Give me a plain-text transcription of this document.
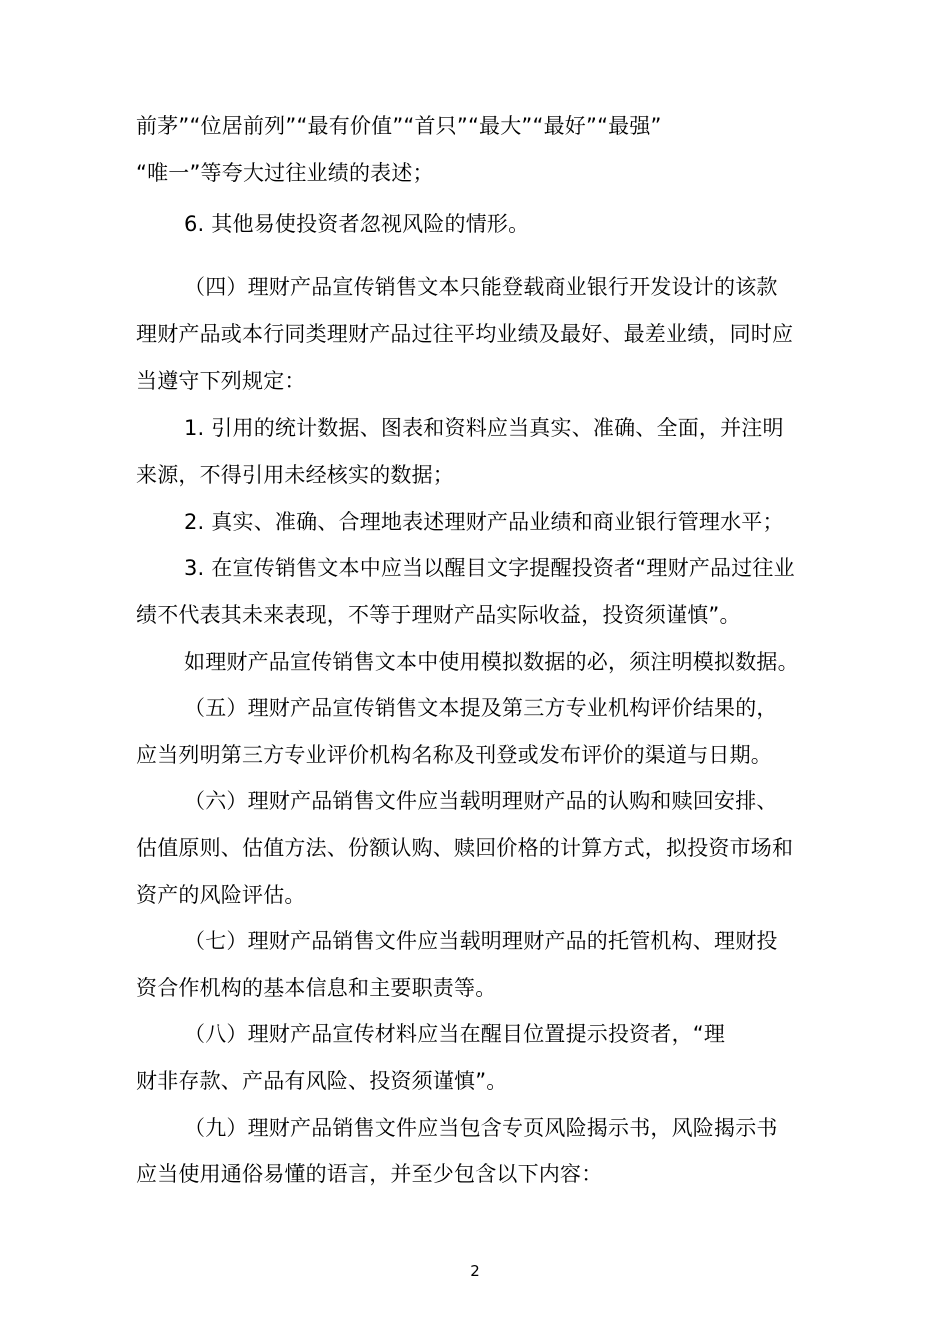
前茅”“位居前列”“最有价值”“首只”“最大”“最好”“最强”
“唯一”等夸大过往业绩的表述；
6. 其他易使投资者忽视风险的情形。
（四）理财产品宣传销售文本只能登载商业银行开发设计的该款
理财产品或本行同类理财产品过往平均业绩及最好、最差业绩，同时应
当遵守下列规定：
1. 引用的统计数据、图表和资料应当真实、准确、全面，并注明
来源，不得引用未经核实的数据；
2. 真实、准确、合理地表述理财产品业绩和商业银行管理水平；
3. 在宣传销售文本中应当以醒目文字提醒投资者“理财产品过往业
绩不代表其未来表现，不等于理财产品实际收益，投资须谨慎”。
如理财产品宣传销售文本中使用模拟数据的必，须注明模拟数据。
（五）理财产品宣传销售文本提及第三方专业机构评价结果的，
应当列明第三方专业评价机构名称及刊登或发布评价的渠道与日期。
（六）理财产品销售文件应当载明理财产品的认购和赎回安排、
估值原则、估值方法、份额认购、赎回价格的计算方式，拟投资市场和
资产的风险评估。
（七）理财产品销售文件应当载明理财产品的托管机构、理财投
资合作机构的基本信息和主要职责等。
（八）理财产品宣传材料应当在醒目位置提示投资者，“理
财非存款、产品有风险、投资须谨慎”。
（九）理财产品销售文件应当包含专页风险揭示书，风险揭示书
应当使用通俗易懂的语言，并至少包含以下内容：
2
